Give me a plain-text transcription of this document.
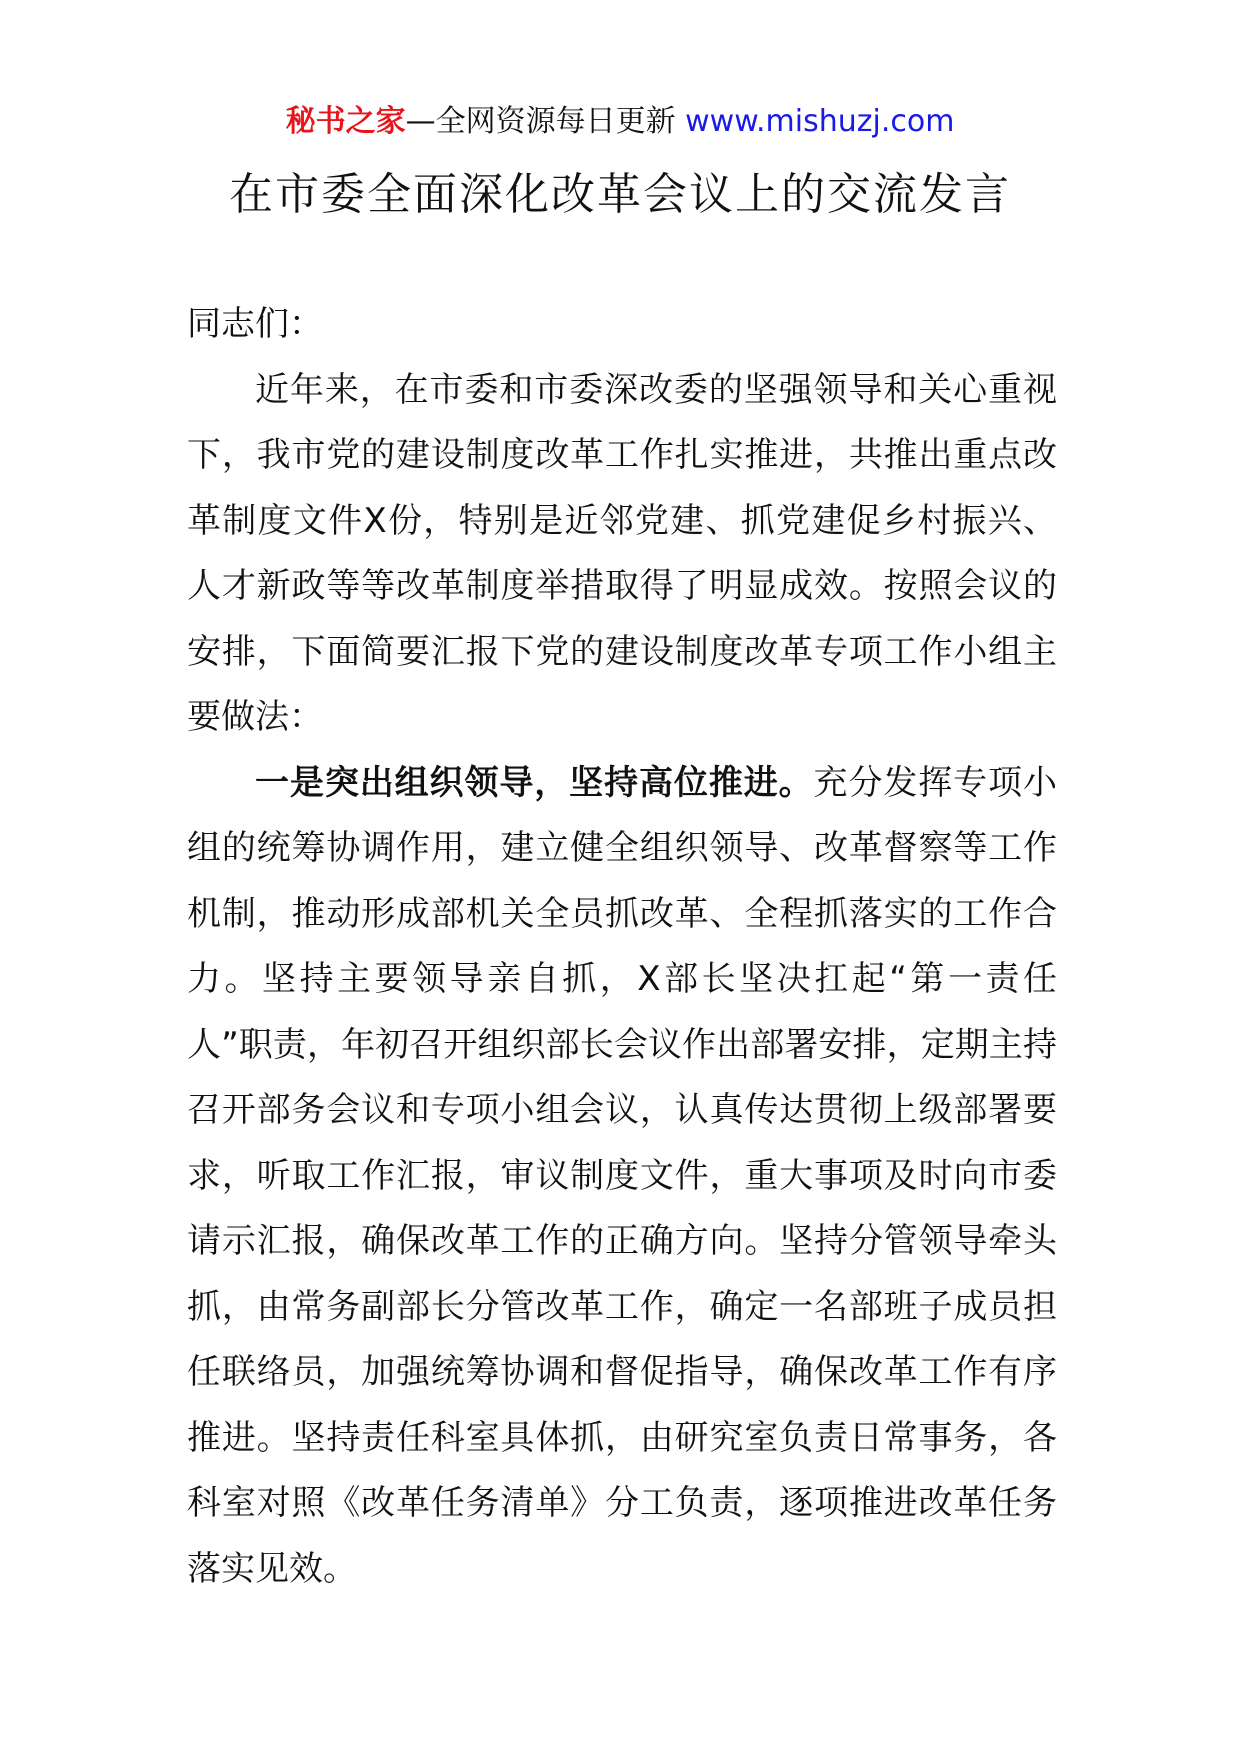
秘书之家—全网资源每日更新 www.mishuzj.com
在市委全面深化改革会议上的交流发言

同志们：

近年来，在市委和市委深改委的坚强领导和关心重视下，我市党的建设制度改革工作扎实推进，共推出重点改革制度文件X份，特别是近邻党建、抓党建促乡村振兴、人才新政等等改革制度举措取得了明显成效。按照会议的安排，下面简要汇报下党的建设制度改革专项工作小组主要做法：

一是突出组织领导，坚持高位推进。充分发挥专项小组的统筹协调作用，建立健全组织领导、改革督察等工作机制，推动形成部机关全员抓改革、全程抓落实的工作合力。坚持主要领导亲自抓，X部长坚决扛起“第一责任人”职责，年初召开组织部长会议作出部署安排，定期主持召开部务会议和专项小组会议，认真传达贯彻上级部署要求，听取工作汇报，审议制度文件，重大事项及时向市委请示汇报，确保改革工作的正确方向。坚持分管领导牵头抓，由常务副部长分管改革工作，确定一名部班子成员担任联络员，加强统筹协调和督促指导，确保改革工作有序推进。坚持责任科室具体抓，由研究室负责日常事务，各科室对照《改革任务清单》分工负责，逐项推进改革任务落实见效。
